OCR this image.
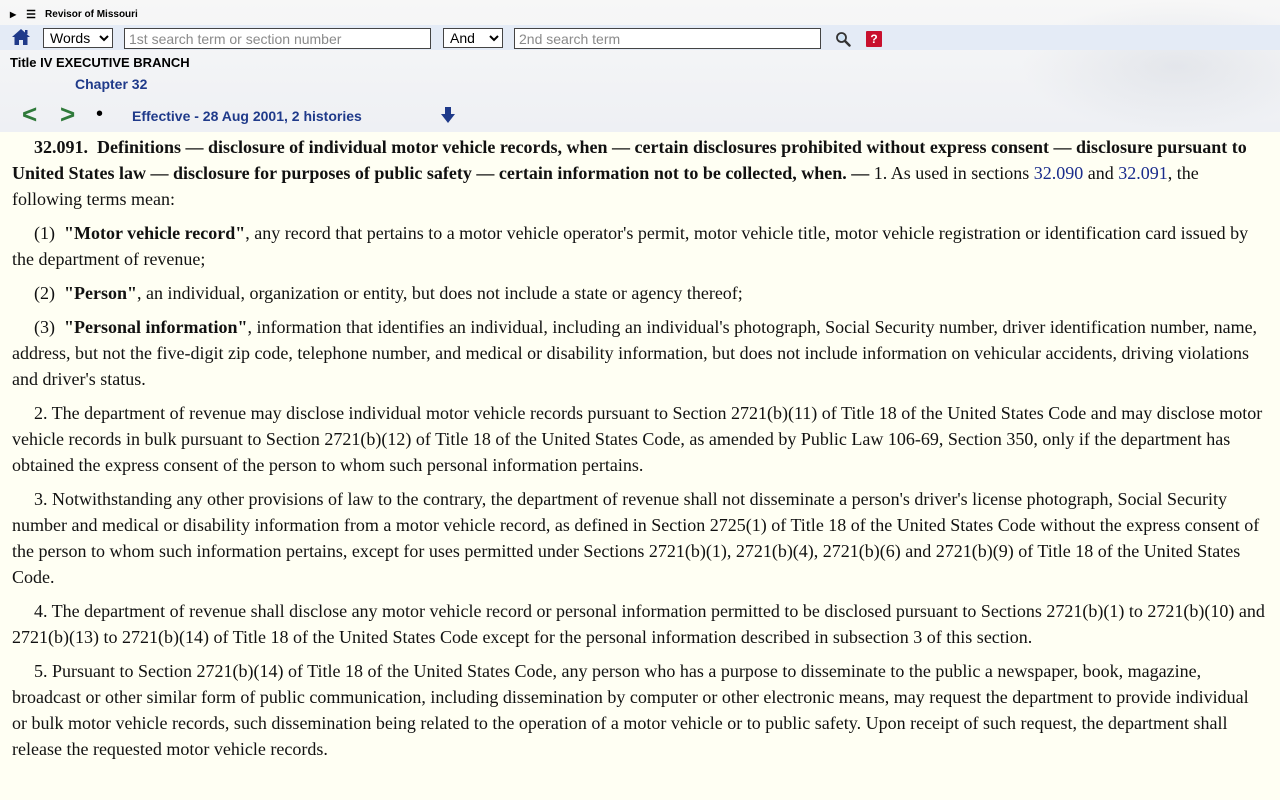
▶ ☰ Revisor of Missouri
Words
1st search term or section number
And
2nd search term
?
Title IV EXECUTIVE BRANCH
Chapter 32
< > • Effective - 28 Aug 2001, 2 histories

32.091. Definitions — disclosure of individual motor vehicle records, when — certain disclosures prohibited without express consent — disclosure pursuant to United States law — disclosure for purposes of public safety — certain information not to be collected, when. — 1. As used in sections 32.090 and 32.091, the following terms mean:

(1) "Motor vehicle record", any record that pertains to a motor vehicle operator's permit, motor vehicle title, motor vehicle registration or identification card issued by the department of revenue;

(2) "Person", an individual, organization or entity, but does not include a state or agency thereof;

(3) "Personal information", information that identifies an individual, including an individual's photograph, Social Security number, driver identification number, name, address, but not the five-digit zip code, telephone number, and medical or disability information, but does not include information on vehicular accidents, driving violations and driver's status.

2. The department of revenue may disclose individual motor vehicle records pursuant to Section 2721(b)(11) of Title 18 of the United States Code and may disclose motor vehicle records in bulk pursuant to Section 2721(b)(12) of Title 18 of the United States Code, as amended by Public Law 106-69, Section 350, only if the department has obtained the express consent of the person to whom such personal information pertains.

3. Notwithstanding any other provisions of law to the contrary, the department of revenue shall not disseminate a person's driver's license photograph, Social Security number and medical or disability information from a motor vehicle record, as defined in Section 2725(1) of Title 18 of the United States Code without the express consent of the person to whom such information pertains, except for uses permitted under Sections 2721(b)(1), 2721(b)(4), 2721(b)(6) and 2721(b)(9) of Title 18 of the United States Code.

4. The department of revenue shall disclose any motor vehicle record or personal information permitted to be disclosed pursuant to Sections 2721(b)(1) to 2721(b)(10) and 2721(b)(13) to 2721(b)(14) of Title 18 of the United States Code except for the personal information described in subsection 3 of this section.

5. Pursuant to Section 2721(b)(14) of Title 18 of the United States Code, any person who has a purpose to disseminate to the public a newspaper, book, magazine, broadcast or other similar form of public communication, including dissemination by computer or other electronic means, may request the department to provide individual or bulk motor vehicle records, such dissemination being related to the operation of a motor vehicle or to public safety. Upon receipt of such request, the department shall release the requested motor vehicle records.
